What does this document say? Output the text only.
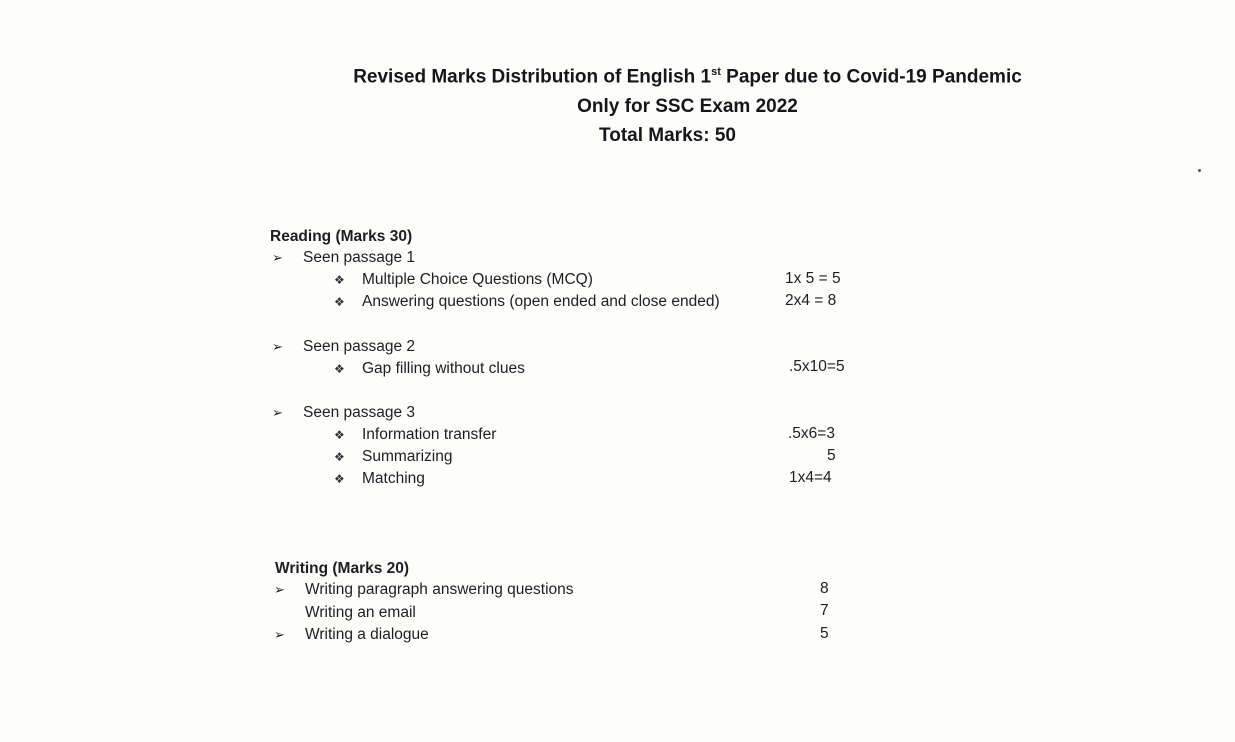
Revised Marks Distribution of English 1st Paper due to Covid-19 Pandemic
Only for SSC Exam 2022
Total Marks: 50
Reading (Marks 30)
➢ Seen passage 1
❖ Multiple Choice Questions (MCQ)	1x 5 = 5
❖ Answering questions (open ended and close ended)	2x4 = 8
➢ Seen passage 2
❖ Gap filling without clues	.5x10=5
➢ Seen passage 3
❖ Information transfer	.5x6=3
❖ Summarizing	5
❖ Matching	1x4=4
Writing (Marks 20)
➢ Writing paragraph answering questions	8
Writing an email	7
➢ Writing a dialogue	5
